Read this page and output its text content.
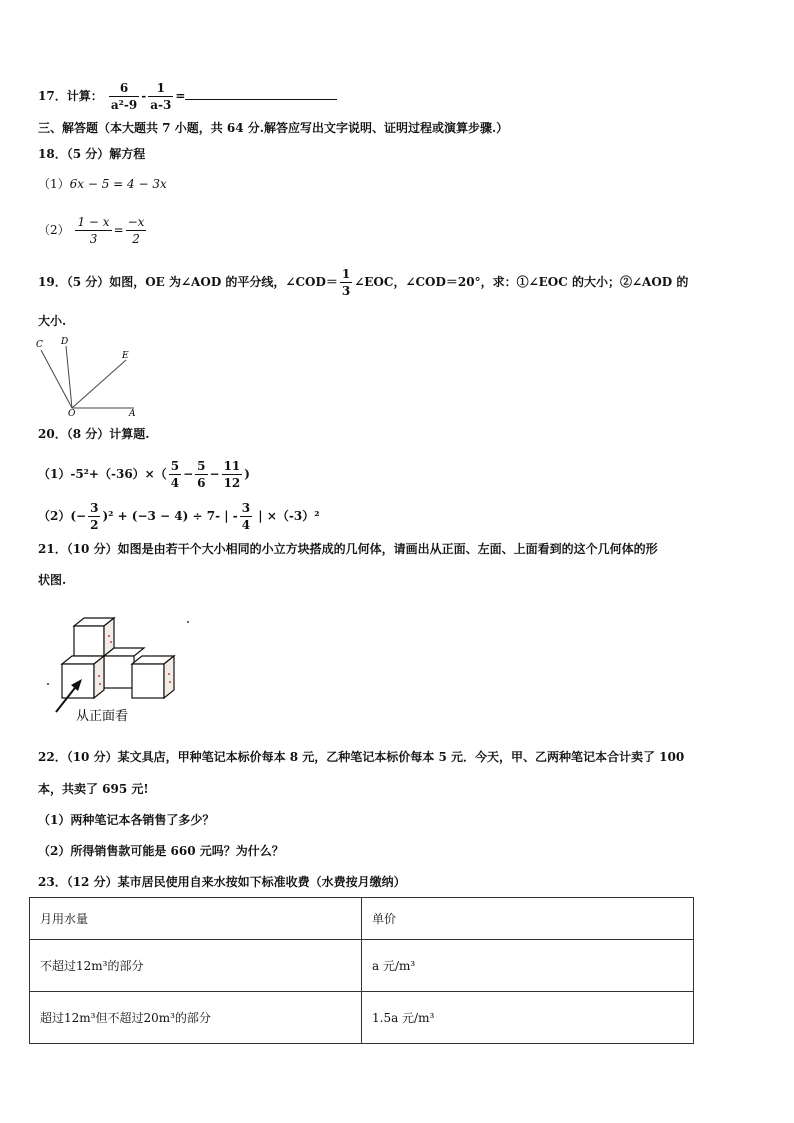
17．计算： $\frac{6}{\text{a²-9}} - \frac{1}{a-3}$ =
三、解答题（本大题共 7 小题，共 64 分.解答应写出文字说明、证明过程或演算步骤.）
18．（5 分）解方程
（1）6x − 5 = 4 − 3x
$(2) \frac{1 - x}{3} = \frac{-x}{2}$
19．（5 分）如图，OE 为∠AOD 的平分线，∠COD＝ $\frac{1}{3}$ ∠EOC，∠COD＝20°，求：①∠EOC 的大小；②∠AOD 的
大小.
C D
E
O	A
20．（8 分）计算题.
$(1)-5^2+(-36)\times( \frac{5}{4} - \frac{5}{6} - \frac{11}{12}$ )
$(2)(- \frac{3}{2} )^2 + (-3 - 4) \div 7-$ | - $\frac{3}{4}$ | ×（-3）²
21．（10 分）如图是由若干个大小相同的小立方块搭成的几何体，请画出从正面、左面、上面看到的这个几何体的形
状图.
从正面看
22．（10 分）某文具店，甲种笔记本标价每本 8 元，乙种笔记本标价每本 5 元．今天，甲、乙两种笔记本合计卖了 100
本，共卖了 695 元!
（1）两种笔记本各销售了多少？
（2）所得销售款可能是 660 元吗？为什么？
23．（12 分）某市居民使用自来水按如下标准收费（水费按月缴纳）
月用水量	单价
不超过12m³的部分	a 元/m³
超过12m³但不超过20m³的部分	1.5a 元/m³
